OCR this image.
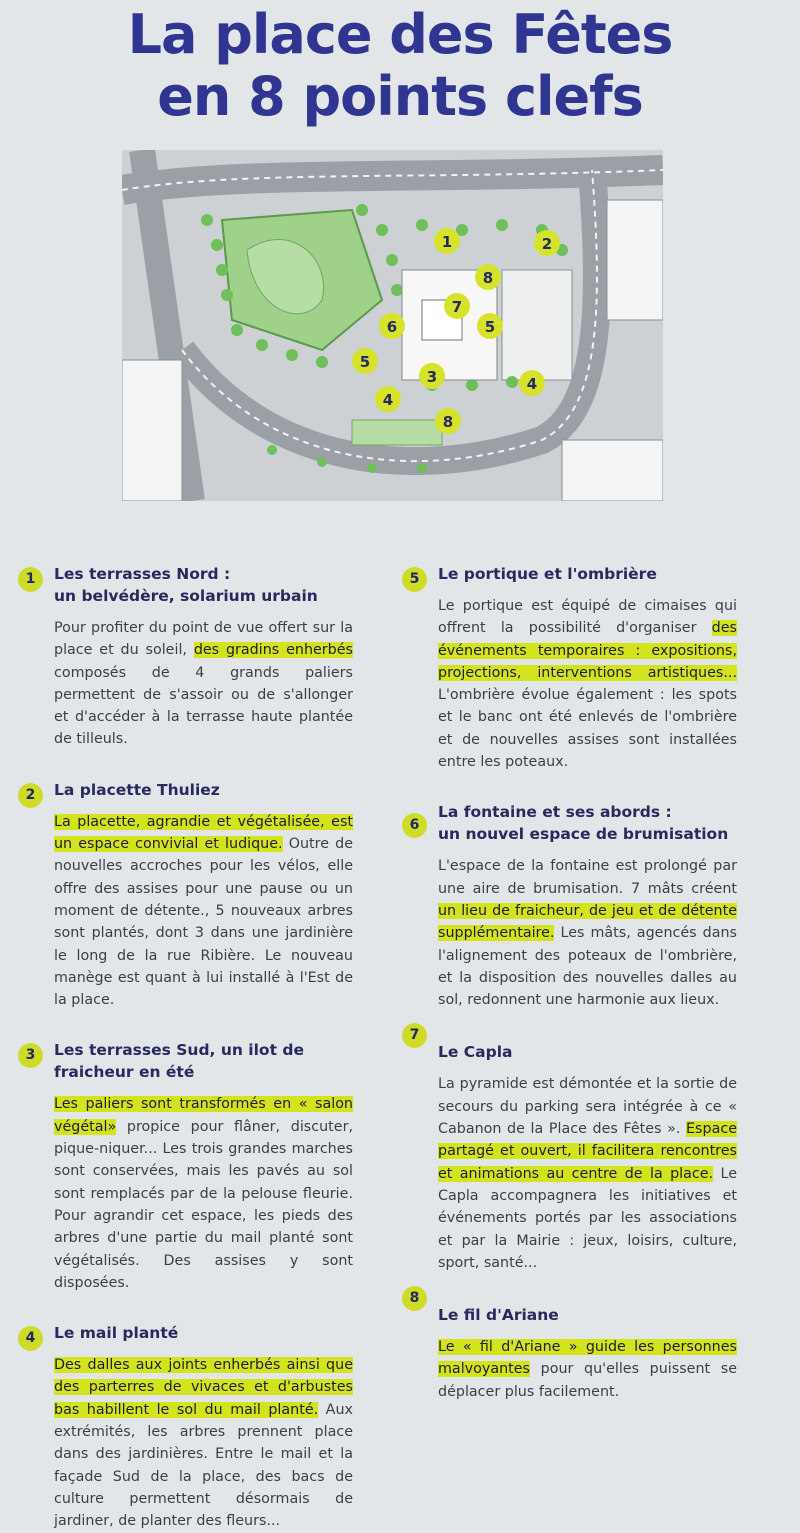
La place des Fêtes
en 8 points clefs
1	2
8
7
6	5
5
3	4
4
8
1	Les terrasses Nord :
un belvédère, solarium urbain

Pour profiter du point de vue offert sur la place et du soleil, des gradins enherbés composés de 4 grands paliers permettent de s'assoir ou de s'allonger et d'accéder à la terrasse haute plantée de tilleuls.

2	La placette Thuliez

La placette, agrandie et végétalisée, est un espace convivial et ludique. Outre de nouvelles accroches pour les vélos, elle offre des assises pour une pause ou un moment de détente., 5 nouveaux arbres sont plantés, dont 3 dans une jardinière le long de la rue Ribière. Le nouveau manège est quant à lui installé à l'Est de la place.

3	Les terrasses Sud, un ilot de
fraicheur en été

Les paliers sont transformés en « salon végétal» propice pour flâner, discuter, pique-niquer... Les trois grandes marches sont conservées, mais les pavés au sol sont remplacés par de la pelouse fleurie. Pour agrandir cet espace, les pieds des arbres d'une partie du mail planté sont végétalisés. Des assises y sont disposées.

4	Le mail planté

Des dalles aux joints enherbés ainsi que des parterres de vivaces et d'arbustes bas habillent le sol du mail planté. Aux extrémités, les arbres prennent place dans des jardinières. Entre le mail et la façade Sud de la place, des bacs de culture permettent désormais de jardiner, de planter des fleurs...

5	Le portique et l'ombrière

Le portique est équipé de cimaises qui offrent la possibilité d'organiser des événements temporaires : expositions, projections, interventions artistiques... L'ombrière évolue également : les spots et le banc ont été enlevés de l'ombrière et de nouvelles assises sont installées entre les poteaux.

6
La fontaine et ses abords :
un nouvel espace de brumisation

L'espace de la fontaine est prolongé par une aire de brumisation. 7 mâts créent un lieu de fraicheur, de jeu et de détente supplémentaire. Les mâts, agencés dans l'alignement des poteaux de l'ombrière, et la disposition des nouvelles dalles au sol, redonnent une harmonie aux lieux.

7
Le Capla

La pyramide est démontée et la sortie de secours du parking sera intégrée à ce « Cabanon de la Place des Fêtes ». Espace partagé et ouvert, il facilitera rencontres et animations au centre de la place. Le Capla accompagnera les initiatives et événements portés par les associations et par la Mairie : jeux, loisirs, culture, sport, santé...

8
Le fil d'Ariane

Le « fil d'Ariane » guide les personnes malvoyantes pour qu'elles puissent se déplacer plus facilement.
